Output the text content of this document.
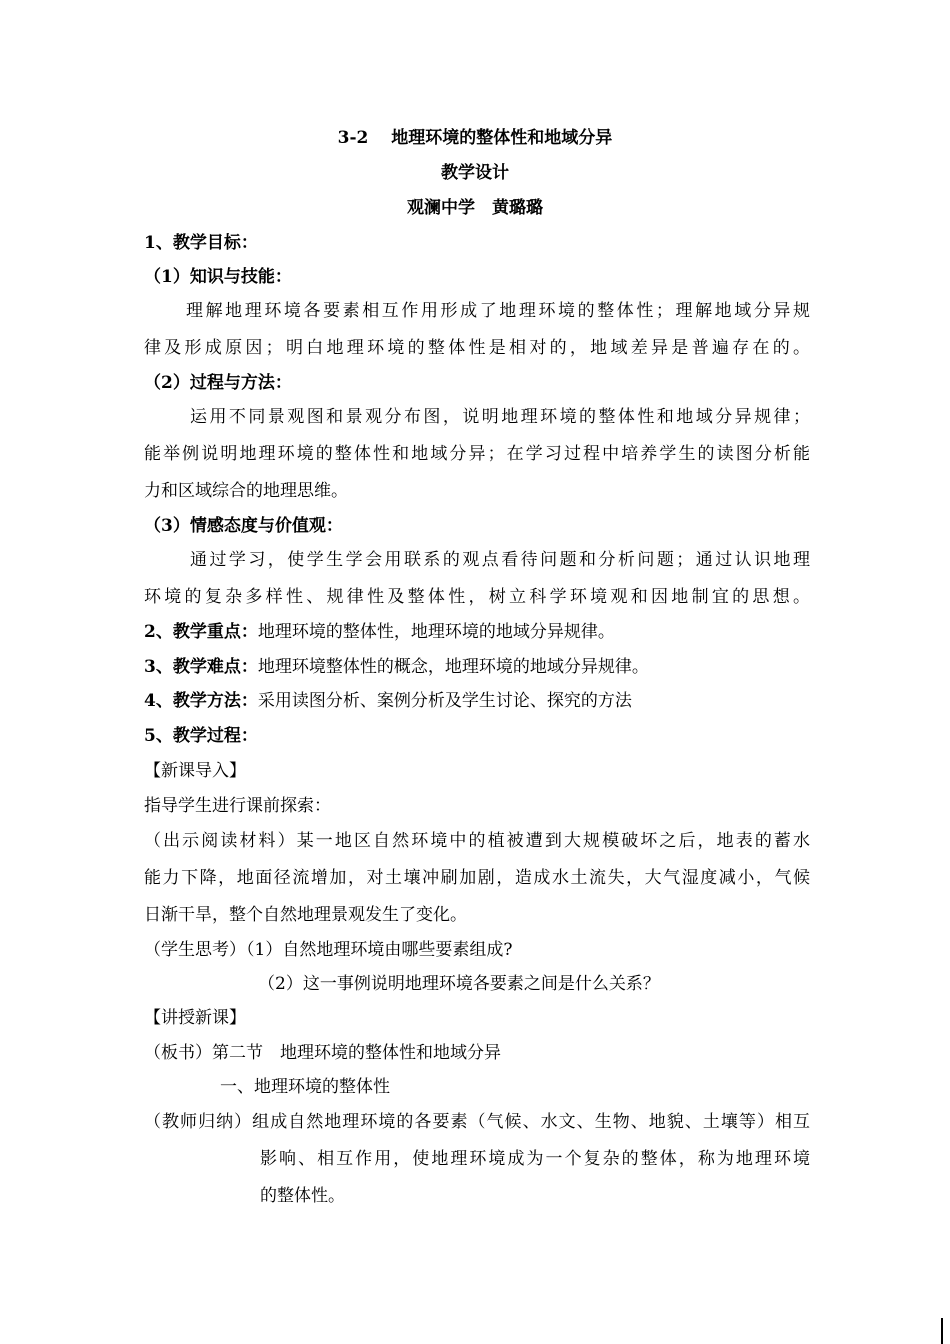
3-2　 地理环境的整体性和地域分异
教学设计
观澜中学　黄璐璐
1、教学目标：
（1）知识与技能：
理解地理环境各要素相互作用形成了地理环境的整体性；理解地域分异规
律及形成原因；明白地理环境的整体性是相对的，地域差异是普遍存在的。
（2）过程与方法：
运用不同景观图和景观分布图，说明地理环境的整体性和地域分异规律；
能举例说明地理环境的整体性和地域分异；在学习过程中培养学生的读图分析能
力和区域综合的地理思维。
（3）情感态度与价值观：
通过学习，使学生学会用联系的观点看待问题和分析问题；通过认识地理
环境的复杂多样性、规律性及整体性，树立科学环境观和因地制宜的思想。
2、教学重点：地理环境的整体性，地理环境的地域分异规律。
3、教学难点：地理环境整体性的概念，地理环境的地域分异规律。
4、教学方法：采用读图分析、案例分析及学生讨论、探究的方法
5、教学过程：
【新课导入】
指导学生进行课前探索：
（出示阅读材料）某一地区自然环境中的植被遭到大规模破坏之后，地表的蓄水
能力下降，地面径流增加，对土壤冲刷加剧，造成水土流失，大气湿度减小，气候
日渐干旱，整个自然地理景观发生了变化。
（学生思考）（1）自然地理环境由哪些要素组成?
（2）这一事例说明地理环境各要素之间是什么关系？
【讲授新课】
（板书）第二节　地理环境的整体性和地域分异
一、地理环境的整体性
（教师归纳）组成自然地理环境的各要素（气候、水文、生物、地貌、土壤等）相互
影响、相互作用，使地理环境成为一个复杂的整体，称为地理环境
的整体性。
